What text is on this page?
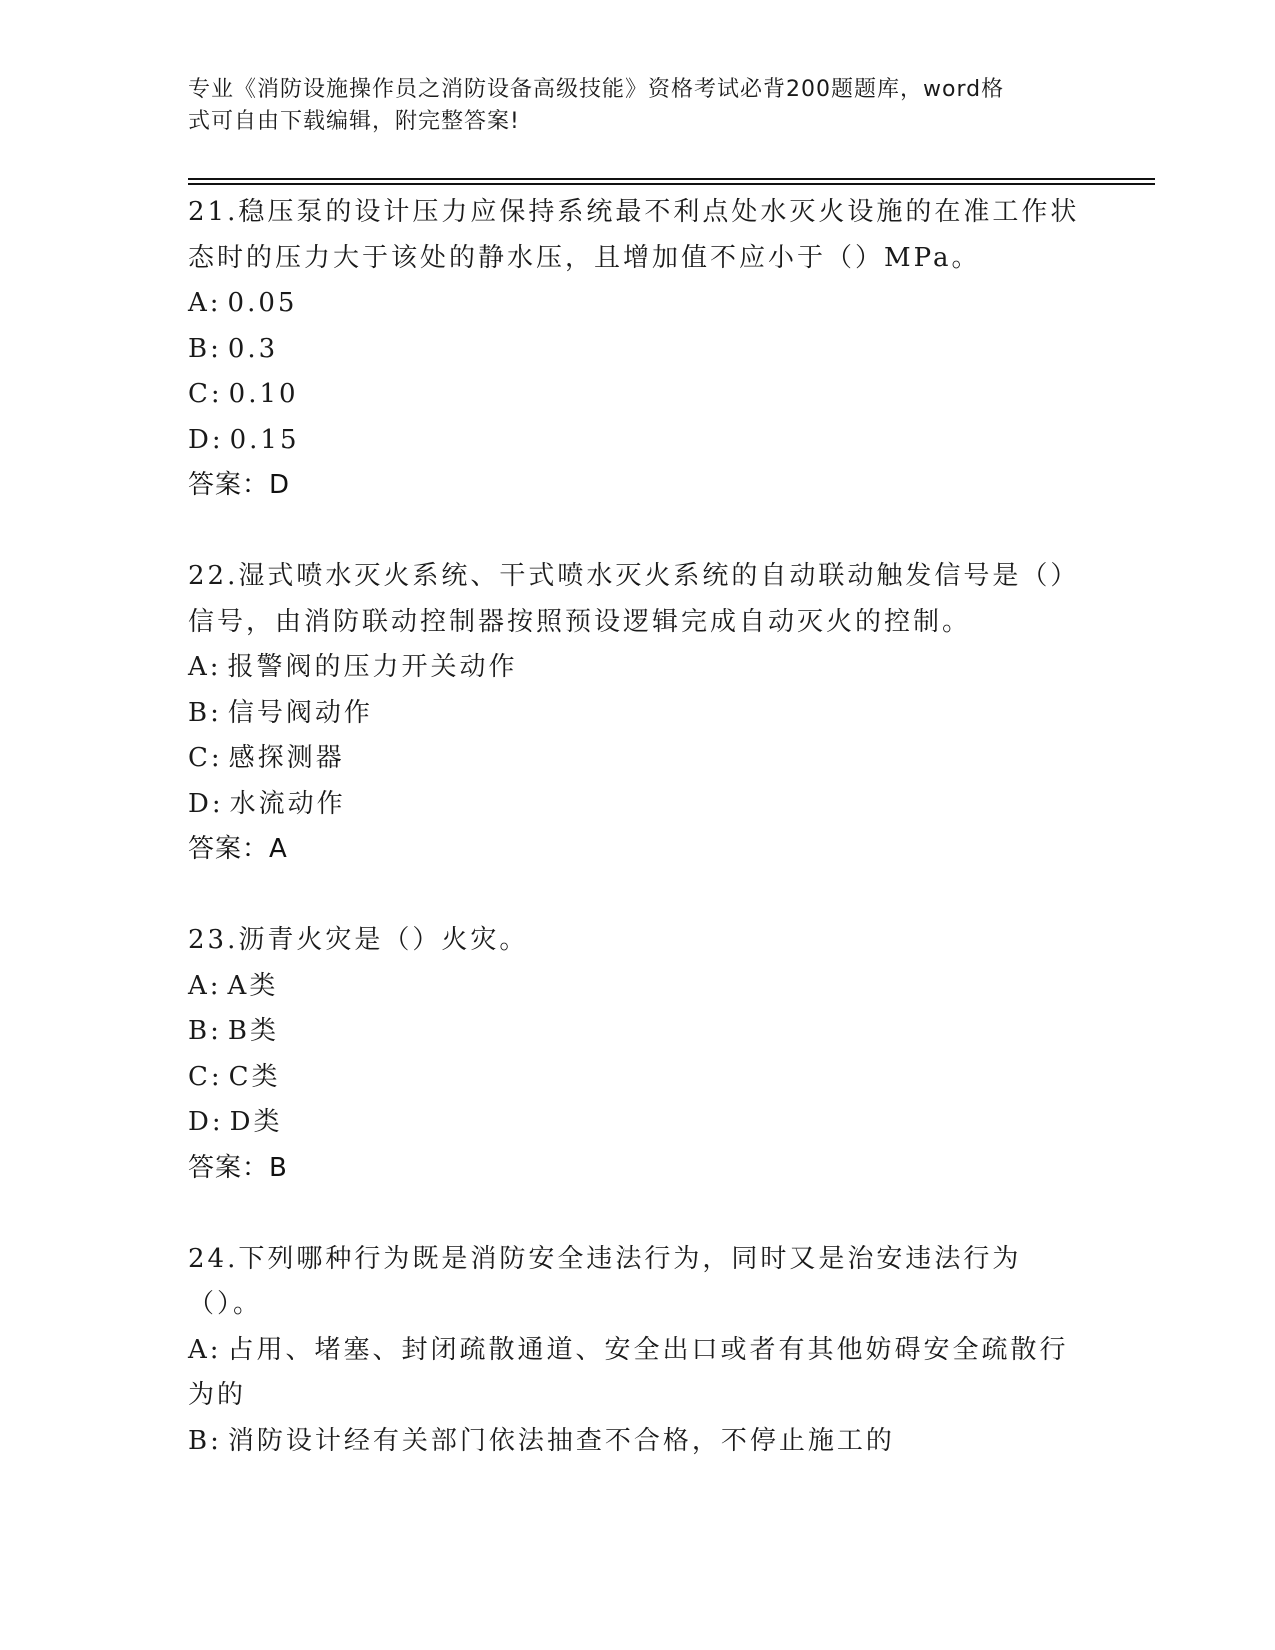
专业《消防设施操作员之消防设备高级技能》资格考试必背200题题库，word格
式可自由下载编辑，附完整答案!

21.稳压泵的设计压力应保持系统最不利点处水灭火设施的在准工作状态时的压力大于该处的静水压，且增加值不应小于（）MPa。

A: 0.05

B: 0.3

C: 0.10

D: 0.15

答案：D

22.湿式喷水灭火系统、干式喷水灭火系统的自动联动触发信号是（）信号，由消防联动控制器按照预设逻辑完成自动灭火的控制。

A: 报警阀的压力开关动作

B: 信号阀动作

C: 感探测器

D: 水流动作

答案：A

23.沥青火灾是（）火灾。

A: A类

B: B类

C: C类

D: D类

答案：B

24.下列哪种行为既是消防安全违法行为，同时又是治安违法行为（）。

A: 占用、堵塞、封闭疏散通道、安全出口或者有其他妨碍安全疏散行为的

B: 消防设计经有关部门依法抽查不合格，不停止施工的
